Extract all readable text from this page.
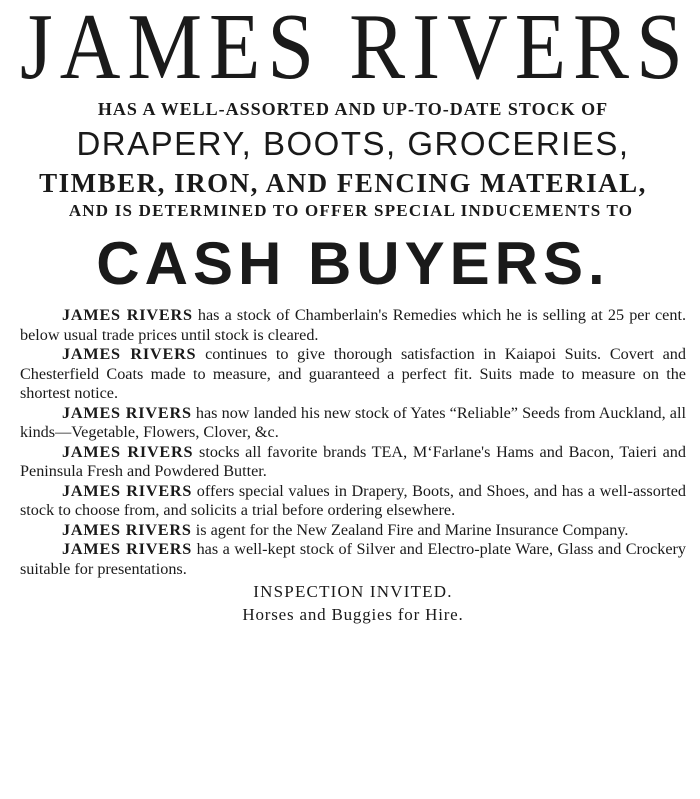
JAMES RIVERS
HAS A WELL-ASSORTED AND UP-TO-DATE STOCK OF
DRAPERY, BOOTS, GROCERIES,
TIMBER, IRON, AND FENCING MATERIAL,
AND IS DETERMINED TO OFFER SPECIAL INDUCEMENTS TO
CASH BUYERS.

JAMES RIVERS has a stock of Chamberlain's Remedies which he is selling at 25 per cent. below usual trade prices until stock is cleared.

JAMES RIVERS continues to give thorough satisfaction in Kaiapoi Suits. Covert and Chesterfield Coats made to measure, and guaranteed a perfect fit. Suits made to measure on the shortest notice.

JAMES RIVERS has now landed his new stock of Yates “Reliable” Seeds from Auckland, all kinds—Vegetable, Flowers, Clover, &c.

JAMES RIVERS stocks all favorite brands TEA, M‘Farlane's Hams and Bacon, Taieri and Peninsula Fresh and Powdered Butter.

JAMES RIVERS offers special values in Drapery, Boots, and Shoes, and has a well-assorted stock to choose from, and solicits a trial before ordering elsewhere.

JAMES RIVERS is agent for the New Zealand Fire and Marine Insurance Company.

JAMES RIVERS has a well-kept stock of Silver and Electro-plate Ware, Glass and Crockery suitable for presentations.

INSPECTION INVITED.
Horses and Buggies for Hire.
